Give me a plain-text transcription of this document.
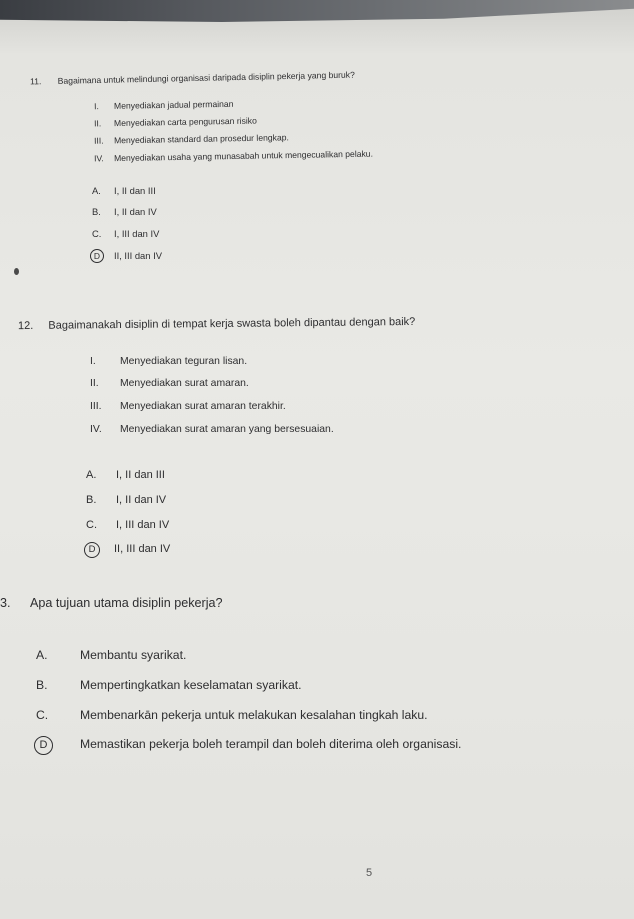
11. Bagaimana untuk melindungi organisasi daripada disiplin pekerja yang buruk?
I. Menyediakan jadual permainan
II. Menyediakan carta pengurusan risiko
III. Menyediakan standard dan prosedur lengkap.
IV. Menyediakan usaha yang munasabah untuk mengecualikan pelaku.
A. I, II dan III
B. I, II dan IV
C. I, III dan IV
D II, III dan IV
12. Bagaimanakah disiplin di tempat kerja swasta boleh dipantau dengan baik?
I. Menyediakan teguran lisan.
II. Menyediakan surat amaran.
III. Menyediakan surat amaran terakhir.
IV. Menyediakan surat amaran yang bersesuaian.
A. I, II dan III
B. I, II dan IV
C. I, III dan IV
D II, III dan IV
3. Apa tujuan utama disiplin pekerja?
A.	Membantu syarikat.
B.	Mempertingkatkan keselamatan syarikat.
C.	Membenarkān pekerja untuk melakukan kesalahan tingkah laku.
D	Memastikan pekerja boleh terampil dan boleh diterima oleh organisasi.
5
